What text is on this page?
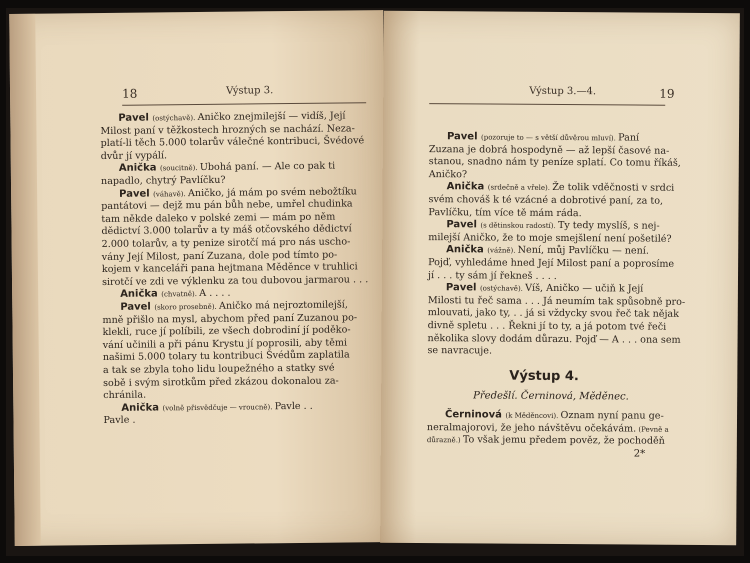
18	Výstup 3.
Pavel (ostýchavě). Aničko znejmilejší — vidíš, Její
Milost paní v těžkostech hrozných se nachází. Neza-
platí-li těch 5.000 tolarův válečné kontribuci, Švédové
dvůr jí vypálí.
Anička (soucitně). Ubohá paní. — Ale co pak ti
napadlo, chytrý Pavlíčku?
Pavel (váhavě). Aničko, já mám po svém nebožtíku
pantátovi — dejž mu pán bůh nebe, umřel chudinka
tam někde daleko v polské zemi — mám po něm
dědictví 3.000 tolarův a ty máš otčovského dědictví
2.000 tolarův, a ty penize sirotčí má pro nás uscho-
vány Její Milost, paní Zuzana, dole pod tímto po-
kojem v kanceláři pana hejtmana Měděnce v truhlici
sirotčí ve zdi ve výklenku za tou dubovou jarmarou . . .
Anička (chvatně). A . . . .
Pavel (skoro prosebně). Aničko má nejroztomilejší,
mně přišlo na mysl, abychom před paní Zuzanou po-
klekli, ruce jí políbili, ze všech dobrodiní jí poděko-
vání učinili a při pánu Krystu jí poprosili, aby těmi
našimi 5.000 tolary tu kontribuci Švédům zaplatila
a tak se zbyla toho lidu loupežného a statky své
sobě i svým sirotkům před zkázou dokonalou za-
chránila.
Anička (volně přisvědčuje — vroucně). Pavle . .
Pavle .
Výstup 3.—4.	19
Pavel (pozoruje to — s větší důvěrou mluví). Paní
Zuzana je dobrá hospodyně — až lepší časové na-
stanou, snadno nám ty peníze splatí. Co tomu říkáš,
Aničko?
Anička (srdečně a vřele). Že tolik vděčnosti v srdci
svém chováš k té vzácné a dobrotivé paní, za to,
Pavlíčku, tím více tě mám ráda.
Pavel (s dětinskou radostí). Ty tedy myslíš, s nej-
milejší Aničko, že to moje smejšlení není pošetilé?
Anička (vážně). Není, můj Pavlíčku — není.
Pojď, vyhledáme hned Její Milost paní a poprosíme
jí . . . ty sám jí řekneš . . . .
Pavel (ostýchavě). Víš, Aničko — učiň k Její
Milosti tu řeč sama . . . Já neumím tak spůsobně pro-
mlouvati, jako ty, . . já si vždycky svou řeč tak nějak
divně spletu . . . Řekni jí to ty, a já potom tvé řeči
několika slovy dodám důrazu. Pojď — A . . . ona sem
se navracuje.
Výstup 4.
Předešlí. Černinová, Měděnec.
Černinová (k Měděncovi). Oznam nyní panu ge-
neralmajorovi, že jeho návštěvu očekávám. (Pevně a
důrazně.) To však jemu předem pověz, že pochoděň
2*
